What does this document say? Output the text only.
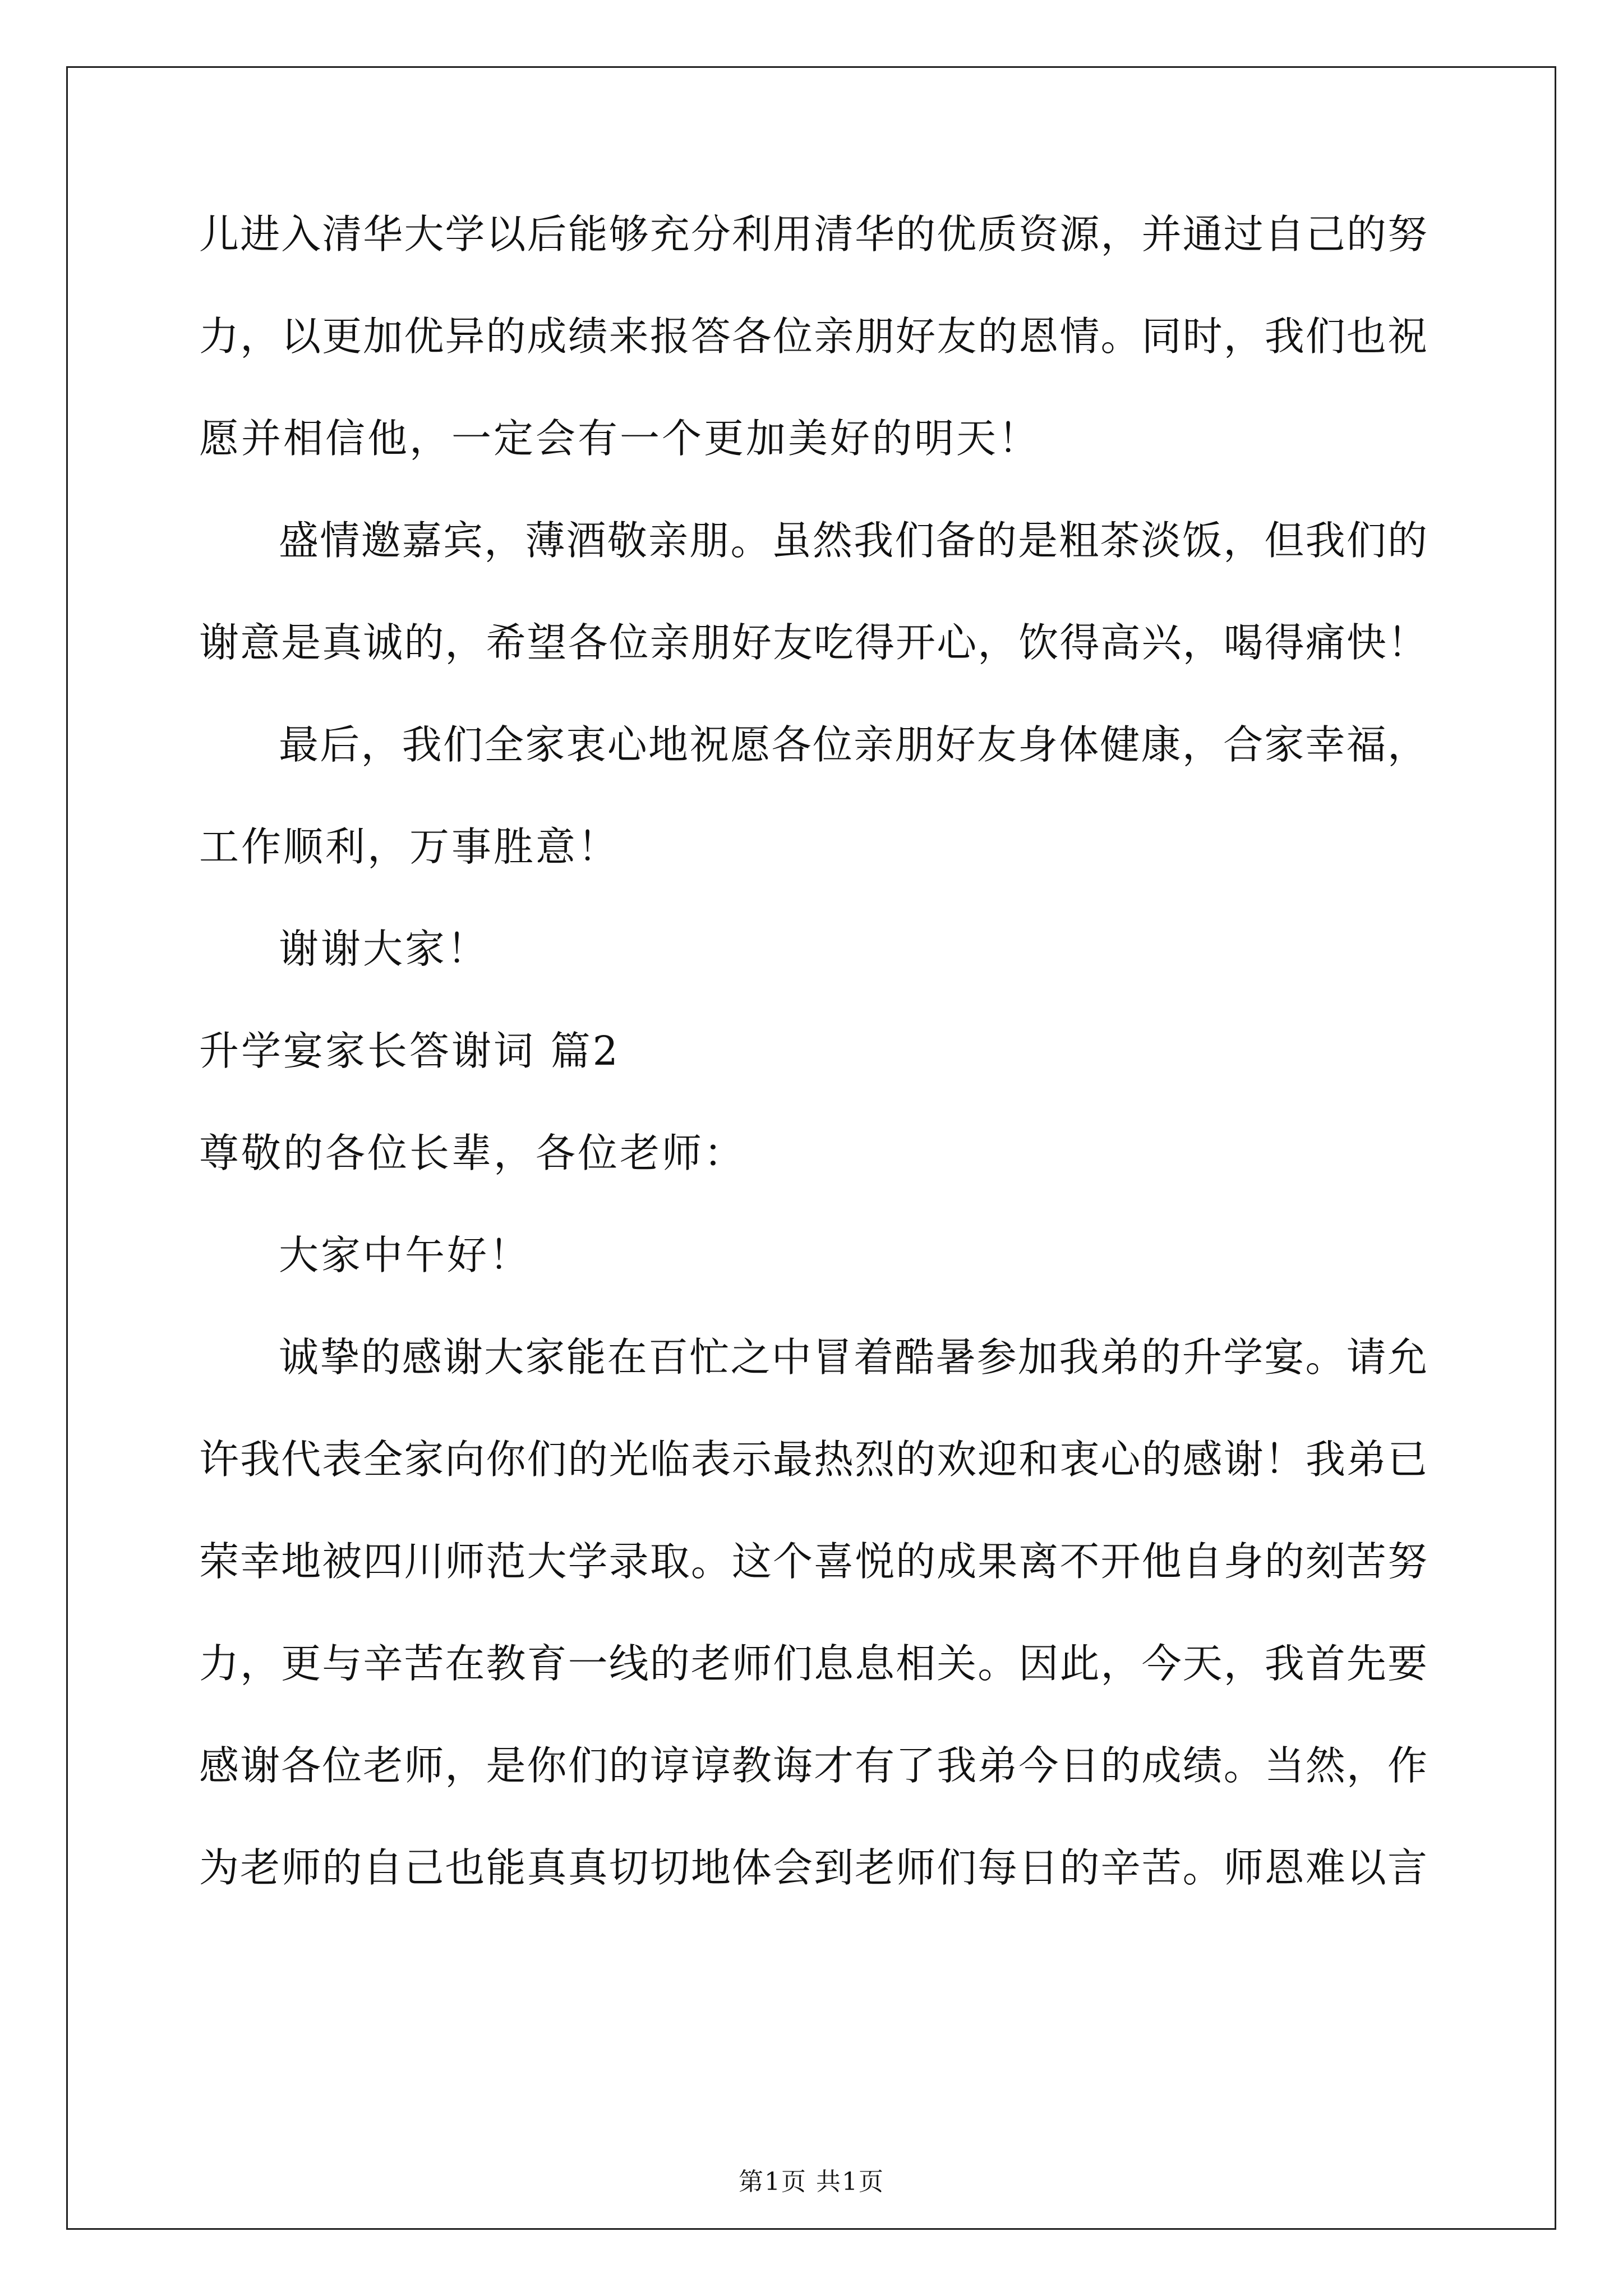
儿进入清华大学以后能够充分利用清华的优质资源，并通过自己的努
力，以更加优异的成绩来报答各位亲朋好友的恩情。同时，我们也祝
愿并相信他，一定会有一个更加美好的明天！
盛情邀嘉宾，薄酒敬亲朋。虽然我们备的是粗茶淡饭，但我们的
谢意是真诚的，希望各位亲朋好友吃得开心，饮得高兴，喝得痛快！
最后，我们全家衷心地祝愿各位亲朋好友身体健康，合家幸福，
工作顺利，万事胜意！
谢谢大家！
升学宴家长答谢词 篇2
尊敬的各位长辈，各位老师：
大家中午好！
诚挚的感谢大家能在百忙之中冒着酷暑参加我弟的升学宴。请允
许我代表全家向你们的光临表示最热烈的欢迎和衷心的感谢！我弟已
荣幸地被四川师范大学录取。这个喜悦的成果离不开他自身的刻苦努
力，更与辛苦在教育一线的老师们息息相关。因此，今天，我首先要
感谢各位老师，是你们的谆谆教诲才有了我弟今日的成绩。当然，作
为老师的自己也能真真切切地体会到老师们每日的辛苦。师恩难以言
第1页 共1页
